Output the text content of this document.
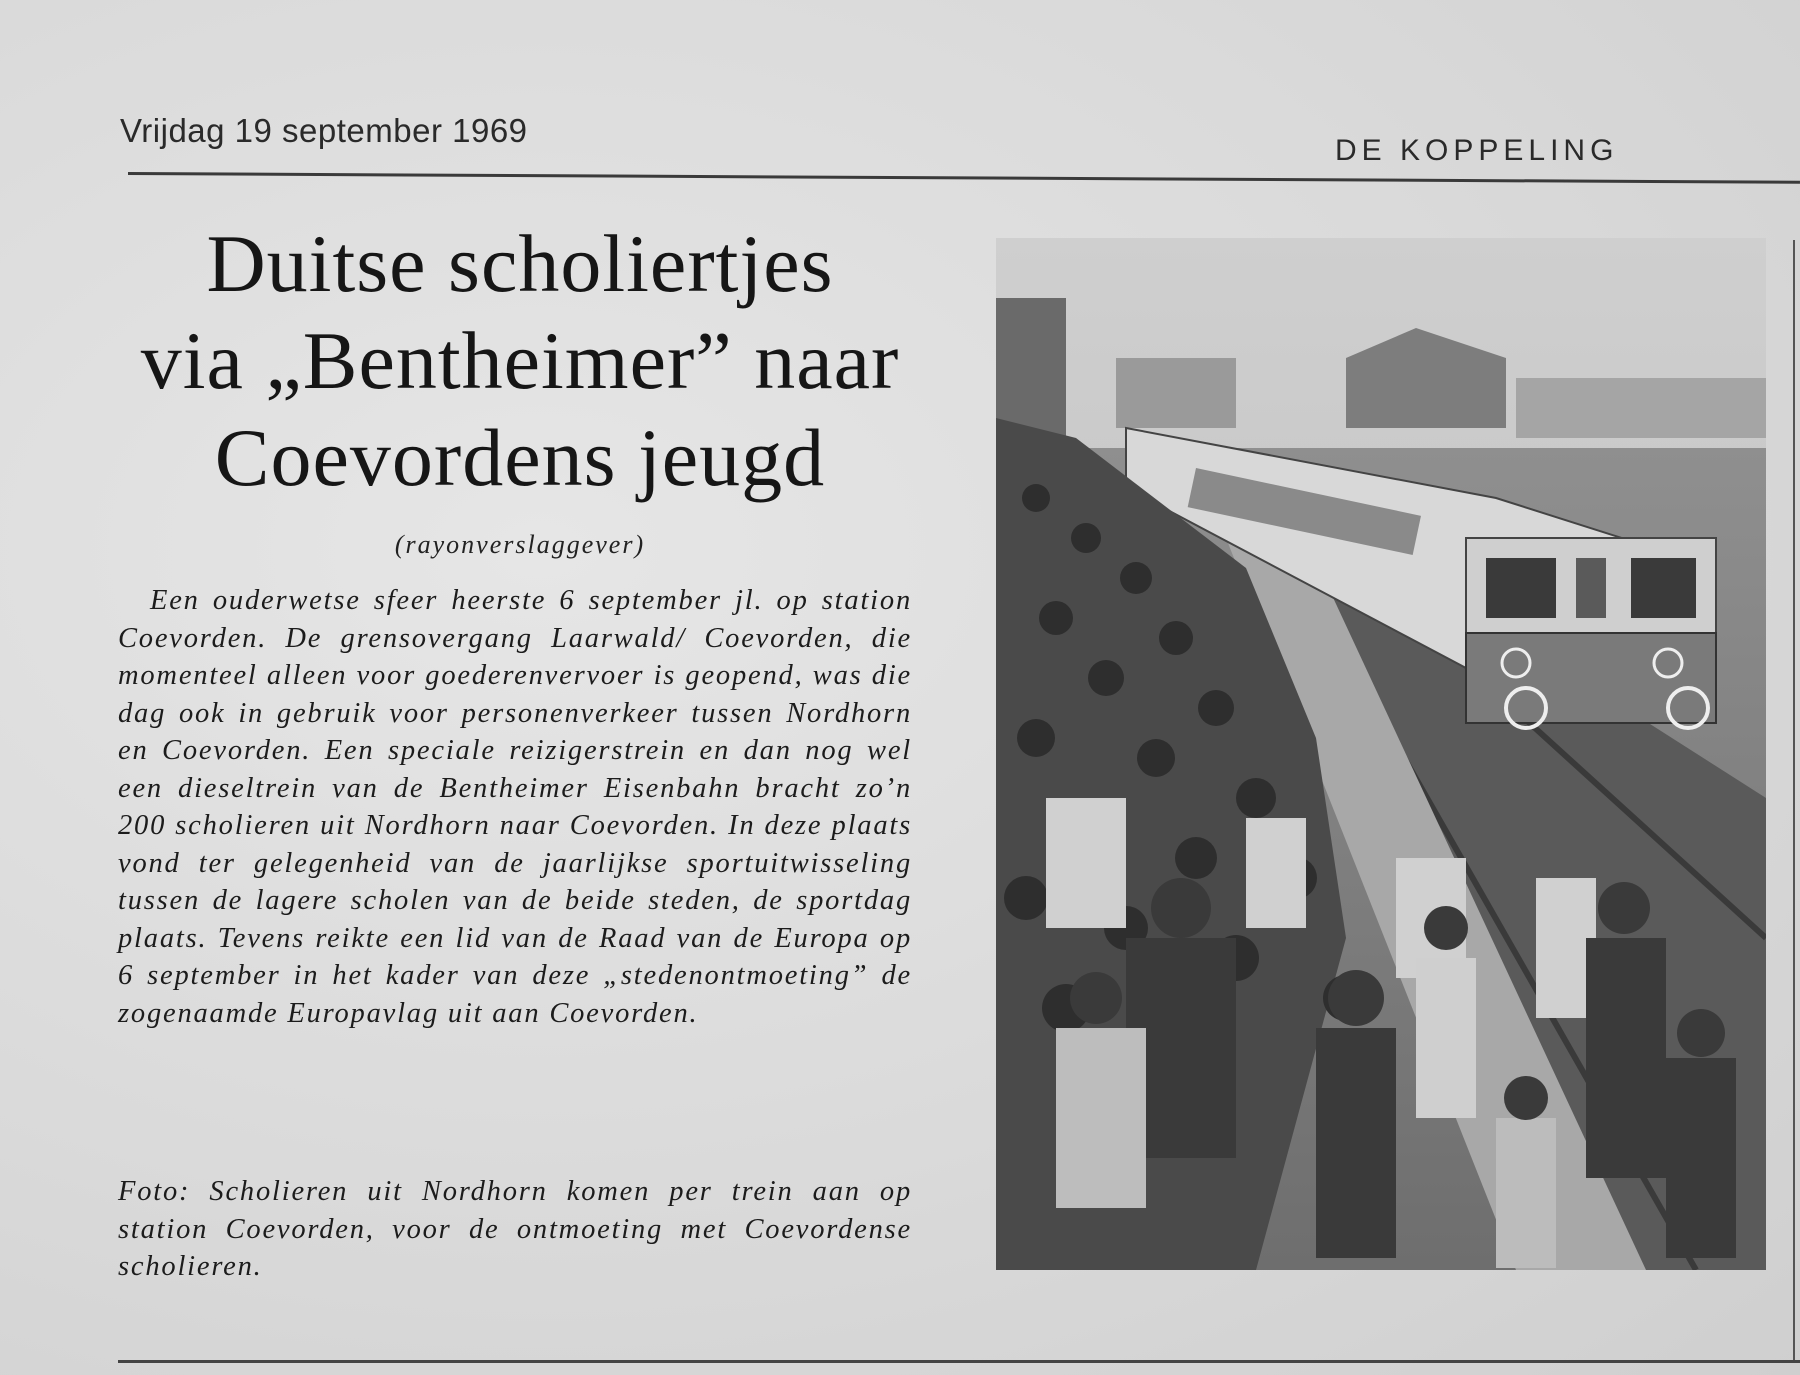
Vrijdag 19 september 1969
DE KOPPELING
Duitse scholiertjes
via „Bentheimer” naar
Coevordens jeugd
(rayonverslaggever)

Een ouderwetse sfeer heerste 6 september jl. op station Coevorden. De grensovergang Laarwald/ Coevorden, die momenteel alleen voor goederenvervoer is geopend, was die dag ook in gebruik voor personenverkeer tussen Nordhorn en Coevorden. Een speciale reizigerstrein en dan nog wel een dieseltrein van de Bentheimer Eisenbahn bracht zo’n 200 scholieren uit Nordhorn naar Coevorden. In deze plaats vond ter gelegenheid van de jaarlijkse sportuitwisseling tussen de lagere scholen van de beide steden, de sportdag plaats. Tevens reikte een lid van de Raad van de Europa op 6 september in het kader van deze „stedenontmoeting” de zogenaamde Europavlag uit aan Coevorden.

Foto: Scholieren uit Nordhorn komen per trein aan op station Coevorden, voor de ontmoeting met Coevordense scholieren.
